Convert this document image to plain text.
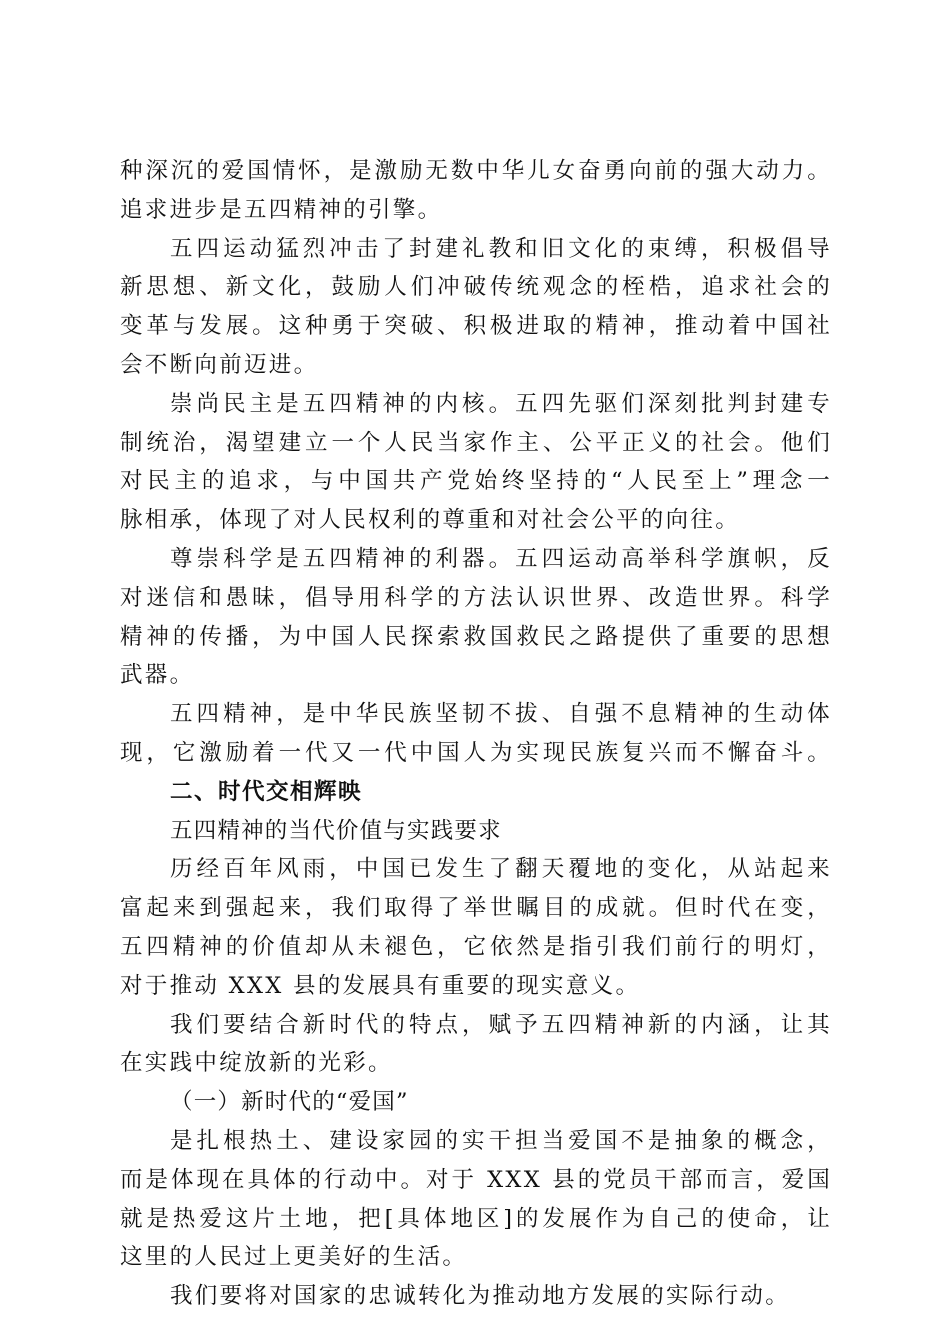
种深沉的爱国情怀，是激励无数中华儿女奋勇向前的强大动力。
追求进步是五四精神的引擎。
五四运动猛烈冲击了封建礼教和旧文化的束缚，积极倡导
新思想、新文化，鼓励人们冲破传统观念的桎梏，追求社会的
变革与发展。这种勇于突破、积极进取的精神，推动着中国社
会不断向前迈进。
崇尚民主是五四精神的内核。五四先驱们深刻批判封建专
制统治，渴望建立一个人民当家作主、公平正义的社会。他们
对民主的追求，与中国共产党始终坚持的“人民至上”理念一
脉相承，体现了对人民权利的尊重和对社会公平的向往。
尊崇科学是五四精神的利器。五四运动高举科学旗帜，反
对迷信和愚昧，倡导用科学的方法认识世界、改造世界。科学
精神的传播，为中国人民探索救国救民之路提供了重要的思想
武器。
五四精神，是中华民族坚韧不拔、自强不息精神的生动体
现，它激励着一代又一代中国人为实现民族复兴而不懈奋斗。
二、时代交相辉映
五四精神的当代价值与实践要求
历经百年风雨，中国已发生了翻天覆地的变化，从站起来
富起来到强起来，我们取得了举世瞩目的成就。但时代在变，
五四精神的价值却从未褪色，它依然是指引我们前行的明灯，
对于推动 XXX 县的发展具有重要的现实意义。
我们要结合新时代的特点，赋予五四精神新的内涵，让其
在实践中绽放新的光彩。
（一）新时代的“爱国”
是扎根热土、建设家园的实干担当爱国不是抽象的概念，
而是体现在具体的行动中。对于 XXX 县的党员干部而言，爱国
就是热爱这片土地，把[具体地区]的发展作为自己的使命，让
这里的人民过上更美好的生活。
我们要将对国家的忠诚转化为推动地方发展的实际行动。
